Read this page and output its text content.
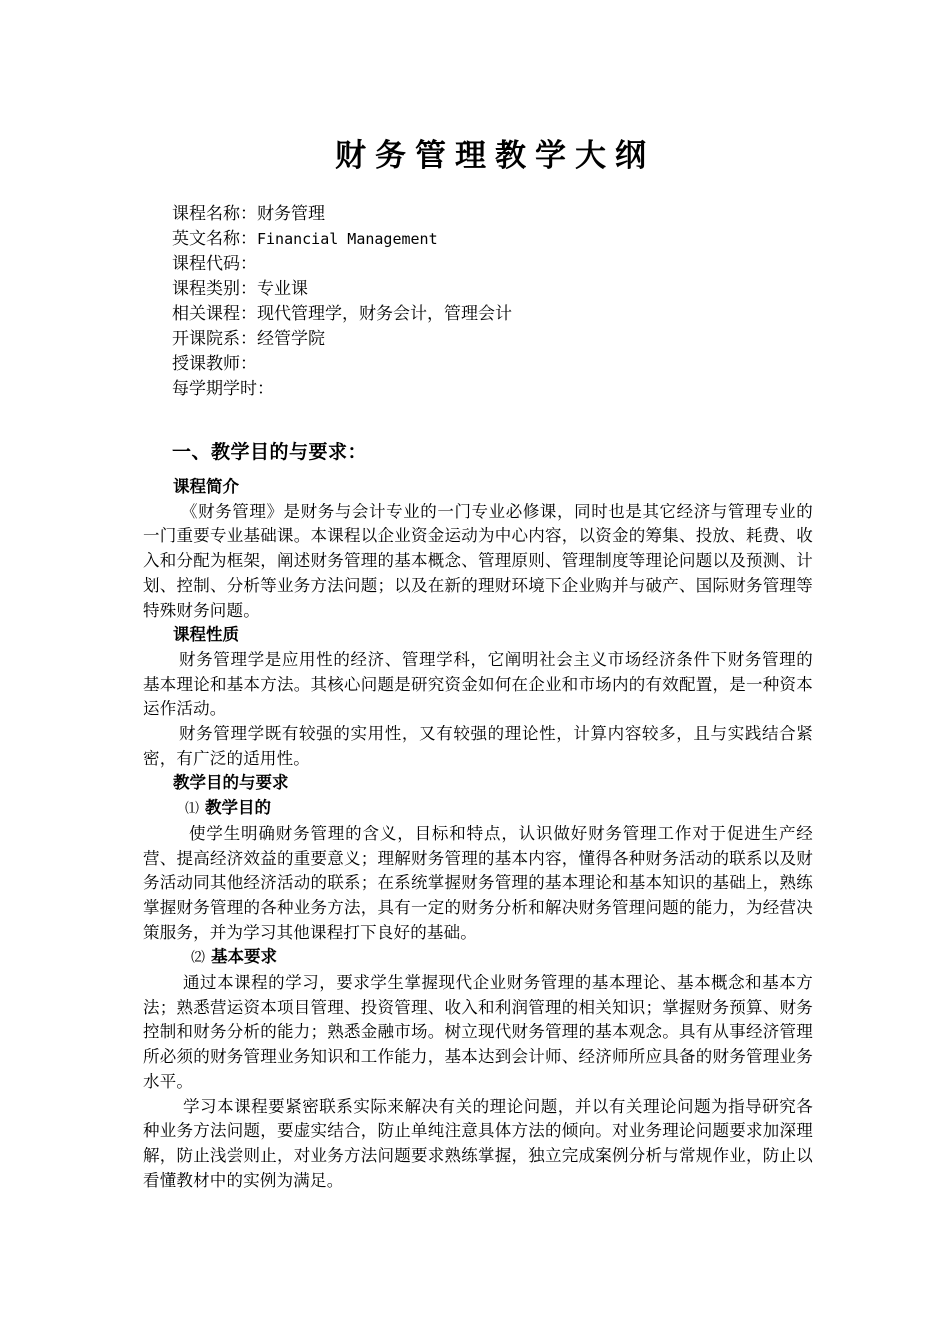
财务管理教学大纲
课程名称：财务管理
英文名称：Financial Management
课程代码：
课程类别：专业课
相关课程：现代管理学，财务会计，管理会计
开课院系：经管学院
授课教师：
每学期学时：
一、教学目的与要求：
课程简介
《财务管理》是财务与会计专业的一门专业必修课，同时也是其它经济与管理专业的一门重要专业基础课。本课程以企业资金运动为中心内容，以资金的筹集、投放、耗费、收入和分配为框架，阐述财务管理的基本概念、管理原则、管理制度等理论问题以及预测、计划、控制、分析等业务方法问题；以及在新的理财环境下企业购并与破产、国际财务管理等特殊财务问题。
课程性质
财务管理学是应用性的经济、管理学科，它阐明社会主义市场经济条件下财务管理的基本理论和基本方法。其核心问题是研究资金如何在企业和市场内的有效配置，是一种资本运作活动。
财务管理学既有较强的实用性，又有较强的理论性，计算内容较多，且与实践结合紧密，有广泛的适用性。
教学目的与要求
⑴ 教学目的
使学生明确财务管理的含义，目标和特点，认识做好财务管理工作对于促进生产经营、提高经济效益的重要意义；理解财务管理的基本内容，懂得各种财务活动的联系以及财务活动同其他经济活动的联系；在系统掌握财务管理的基本理论和基本知识的基础上，熟练掌握财务管理的各种业务方法，具有一定的财务分析和解决财务管理问题的能力，为经营决策服务，并为学习其他课程打下良好的基础。
⑵ 基本要求
通过本课程的学习，要求学生掌握现代企业财务管理的基本理论、基本概念和基本方法；熟悉营运资本项目管理、投资管理、收入和利润管理的相关知识；掌握财务预算、财务控制和财务分析的能力；熟悉金融市场。树立现代财务管理的基本观念。具有从事经济管理所必须的财务管理业务知识和工作能力，基本达到会计师、经济师所应具备的财务管理业务水平。
学习本课程要紧密联系实际来解决有关的理论问题，并以有关理论问题为指导研究各种业务方法问题，要虚实结合，防止单纯注意具体方法的倾向。对业务理论问题要求加深理解，防止浅尝则止，对业务方法问题要求熟练掌握，独立完成案例分析与常规作业，防止以看懂教材中的实例为满足。
